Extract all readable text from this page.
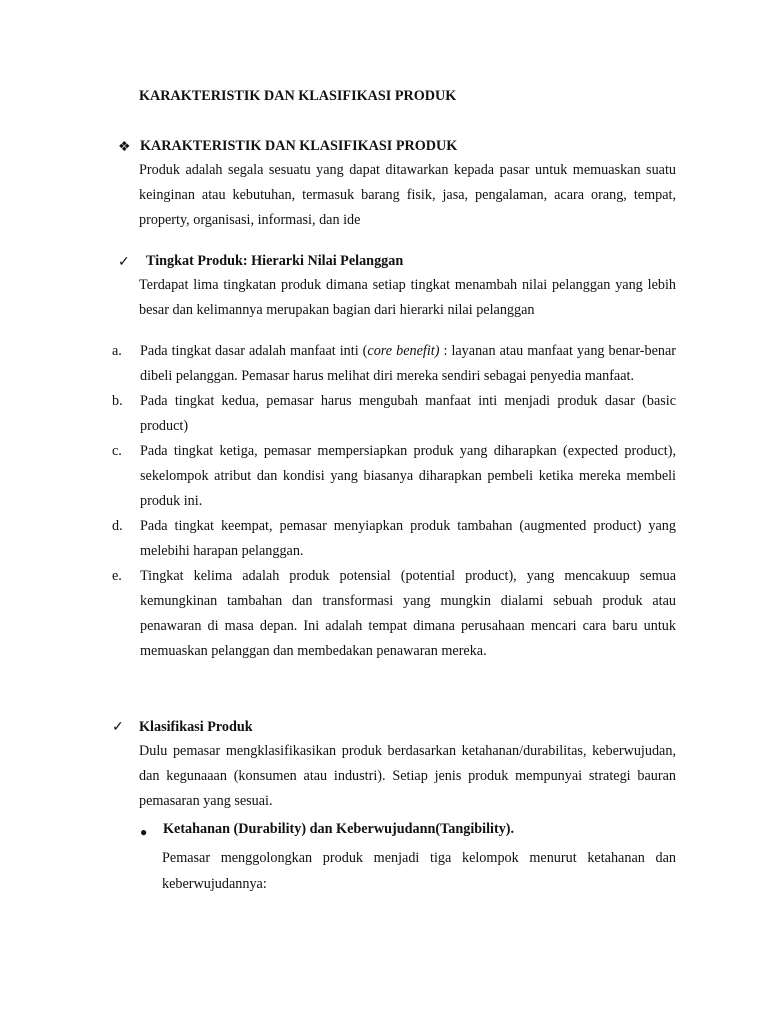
KARAKTERISTIK DAN KLASIFIKASI PRODUK
❖ KARAKTERISTIK DAN KLASIFIKASI PRODUK

Produk adalah segala sesuatu yang dapat ditawarkan kepada pasar untuk memuaskan suatu keinginan atau kebutuhan, termasuk barang fisik, jasa, pengalaman, acara orang, tempat, property, organisasi, informasi, dan ide

✓ Tingkat Produk: Hierarki Nilai Pelanggan

Terdapat lima tingkatan produk dimana setiap tingkat menambah nilai pelanggan yang lebih besar dan kelimannya merupakan bagian dari hierarki nilai pelanggan

a. Pada tingkat dasar adalah manfaat inti (core benefit) : layanan atau manfaat yang benar-benar dibeli pelanggan. Pemasar harus melihat diri mereka sendiri sebagai penyedia manfaat.
b. Pada tingkat kedua, pemasar harus mengubah manfaat inti menjadi produk dasar (basic product)
c. Pada tingkat ketiga, pemasar mempersiapkan produk yang diharapkan (expected product), sekelompok atribut dan kondisi yang biasanya diharapkan pembeli ketika mereka membeli produk ini.
d. Pada tingkat keempat, pemasar menyiapkan produk tambahan (augmented product) yang melebihi harapan pelanggan.
e. Tingkat kelima adalah produk potensial (potential product), yang mencakuup semua kemungkinan tambahan dan transformasi yang mungkin dialami sebuah produk atau penawaran di masa depan. Ini adalah tempat dimana perusahaan mencari cara baru untuk memuaskan pelanggan dan membedakan penawaran mereka.
✓ Klasifikasi Produk

Dulu pemasar mengklasifikasikan produk berdasarkan ketahanan/durabilitas, keberwujudan, dan kegunaaan (konsumen atau industri). Setiap jenis produk mempunyai strategi bauran pemasaran yang sesuai.

● Ketahanan (Durability) dan Keberwujudann(Tangibility).

Pemasar menggolongkan produk menjadi tiga kelompok menurut ketahanan dan keberwujudannya:
